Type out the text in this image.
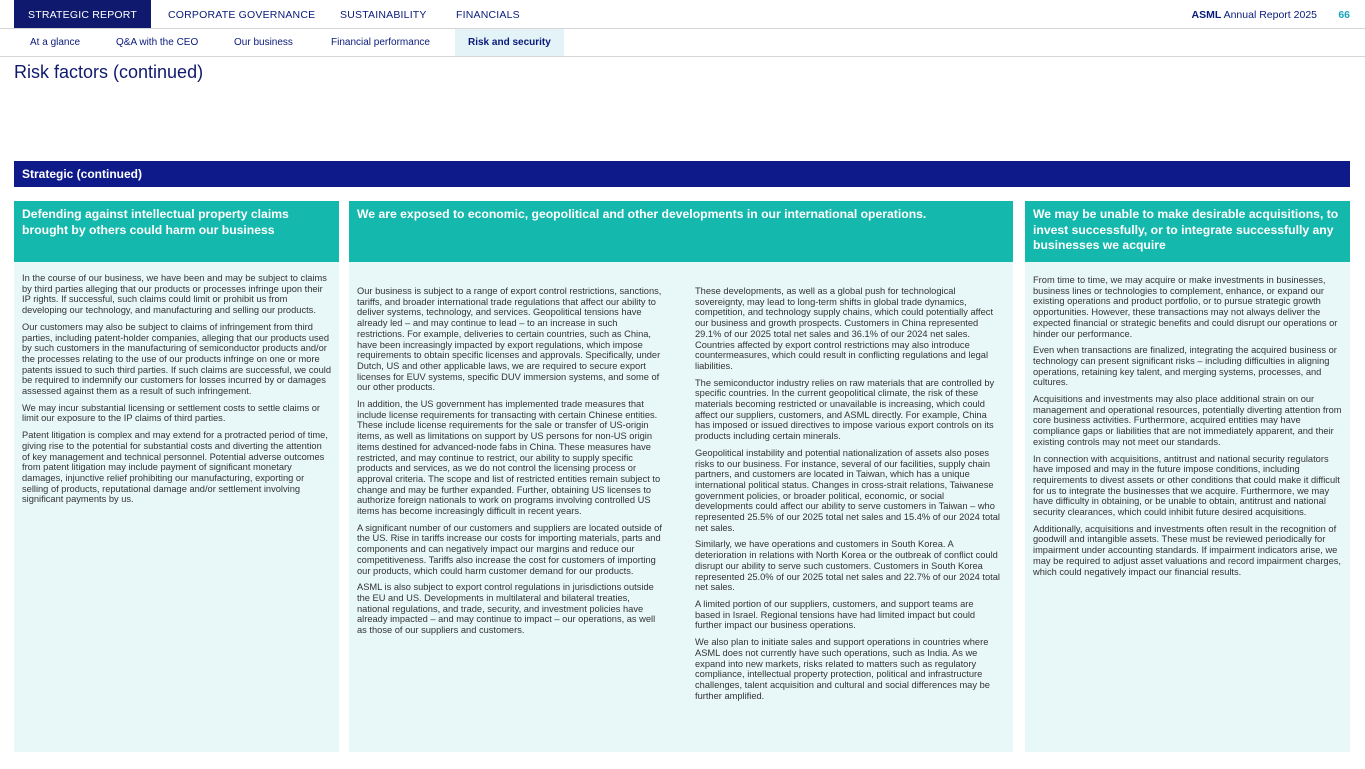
STRATEGIC REPORT	CORPORATE GOVERNANCE SUSTAINABILITY	FINANCIALS	ASML Annual Report 2025 66
At a glance	Q&A with the CEO	Our business	Financial performance	Risk and security
Risk factors (continued)
Strategic (continued)
Defending against intellectual property claims brought by others could harm our business

In the course of our business, we have been and may be subject to claims by third parties alleging that our products or processes infringe upon their IP rights. If successful, such claims could limit or prohibit us from developing our technology, and manufacturing and selling our products.

Our customers may also be subject to claims of infringement from third parties, including patent-holder companies, alleging that our products used by such customers in the manufacturing of semiconductor products and/or the processes relating to the use of our products infringe on one or more patents issued to such third parties. If such claims are successful, we could be required to indemnify our customers for losses incurred by or damages assessed against them as a result of such infringement.

We may incur substantial licensing or settlement costs to settle claims or limit our exposure to the IP claims of third parties.

Patent litigation is complex and may extend for a protracted period of time, giving rise to the potential for substantial costs and diverting the attention of key management and technical personnel. Potential adverse outcomes from patent litigation may include payment of significant monetary damages, injunctive relief prohibiting our manufacturing, exporting or selling of products, reputational damage and/or settlement involving significant payments by us.

We are exposed to economic, geopolitical and other developments in our international operations.

Our business is subject to a range of export control restrictions, sanctions, tariffs, and broader international trade regulations that affect our ability to deliver systems, technology, and services. Geopolitical tensions have already led – and may continue to lead – to an increase in such restrictions. For example, deliveries to certain countries, such as China, have been increasingly impacted by export regulations, which impose requirements to obtain specific licenses and approvals. Specifically, under Dutch, US and other applicable laws, we are required to secure export licenses for EUV systems, specific DUV immersion systems, and some of our other products.

In addition, the US government has implemented trade measures that include license requirements for transacting with certain Chinese entities. These include license requirements for the sale or transfer of US-origin items, as well as limitations on support by US persons for non-US origin items destined for advanced-node fabs in China. These measures have restricted, and may continue to restrict, our ability to supply specific products and services, as we do not control the licensing process or approval criteria. The scope and list of restricted entities remain subject to change and may be further expanded. Further, obtaining US licenses to authorize foreign nationals to work on programs involving controlled US items has become increasingly difficult in recent years.

A significant number of our customers and suppliers are located outside of the US. Rise in tariffs increase our costs for importing materials, parts and components and can negatively impact our margins and reduce our competitiveness. Tariffs also increase the cost for customers of importing our products, which could harm customer demand for our products.

ASML is also subject to export control regulations in jurisdictions outside the EU and US. Developments in multilateral and bilateral treaties, national regulations, and trade, security, and investment policies have already impacted – and may continue to impact – our operations, as well as those of our suppliers and customers.

These developments, as well as a global push for technological sovereignty, may lead to long-term shifts in global trade dynamics, competition, and technology supply chains, which could potentially affect our business and growth prospects. Customers in China represented 29.1% of our 2025 total net sales and 36.1% of our 2024 net sales. Countries affected by export control restrictions may also introduce countermeasures, which could result in conflicting regulations and legal liabilities.

The semiconductor industry relies on raw materials that are controlled by specific countries. In the current geopolitical climate, the risk of these materials becoming restricted or unavailable is increasing, which could affect our suppliers, customers, and ASML directly. For example, China has imposed or issued directives to impose various export controls on its products including certain minerals.

Geopolitical instability and potential nationalization of assets also poses risks to our business. For instance, several of our facilities, supply chain partners, and customers are located in Taiwan, which has a unique international political status. Changes in cross-strait relations, Taiwanese government policies, or broader political, economic, or social developments could affect our ability to serve customers in Taiwan – who represented 25.5% of our 2025 total net sales and 15.4% of our 2024 total net sales.

Similarly, we have operations and customers in South Korea. A deterioration in relations with North Korea or the outbreak of conflict could disrupt our ability to serve such customers. Customers in South Korea represented 25.0% of our 2025 total net sales and 22.7% of our 2024 total net sales.

A limited portion of our suppliers, customers, and support teams are based in Israel. Regional tensions have had limited impact but could further impact our business operations.

We also plan to initiate sales and support operations in countries where ASML does not currently have such operations, such as India. As we expand into new markets, risks related to matters such as regulatory compliance, intellectual property protection, political and infrastructure challenges, talent acquisition and cultural and social differences may be further amplified.

We may be unable to make desirable acquisitions, to invest successfully, or to integrate successfully any businesses we acquire

From time to time, we may acquire or make investments in businesses, business lines or technologies to complement, enhance, or expand our existing operations and product portfolio, or to pursue strategic growth opportunities. However, these transactions may not always deliver the expected financial or strategic benefits and could disrupt our operations or hinder our performance.

Even when transactions are finalized, integrating the acquired business or technology can present significant risks – including difficulties in aligning operations, retaining key talent, and merging systems, processes, and cultures.

Acquisitions and investments may also place additional strain on our management and operational resources, potentially diverting attention from core business activities. Furthermore, acquired entities may have compliance gaps or liabilities that are not immediately apparent, and their existing controls may not meet our standards.

In connection with acquisitions, antitrust and national security regulators have imposed and may in the future impose conditions, including requirements to divest assets or other conditions that could make it difficult for us to integrate the businesses that we acquire. Furthermore, we may have difficulty in obtaining, or be unable to obtain, antitrust and national security clearances, which could inhibit future desired acquisitions.

Additionally, acquisitions and investments often result in the recognition of goodwill and intangible assets. These must be reviewed periodically for impairment under accounting standards. If impairment indicators arise, we may be required to adjust asset valuations and record impairment charges, which could negatively impact our financial results.
